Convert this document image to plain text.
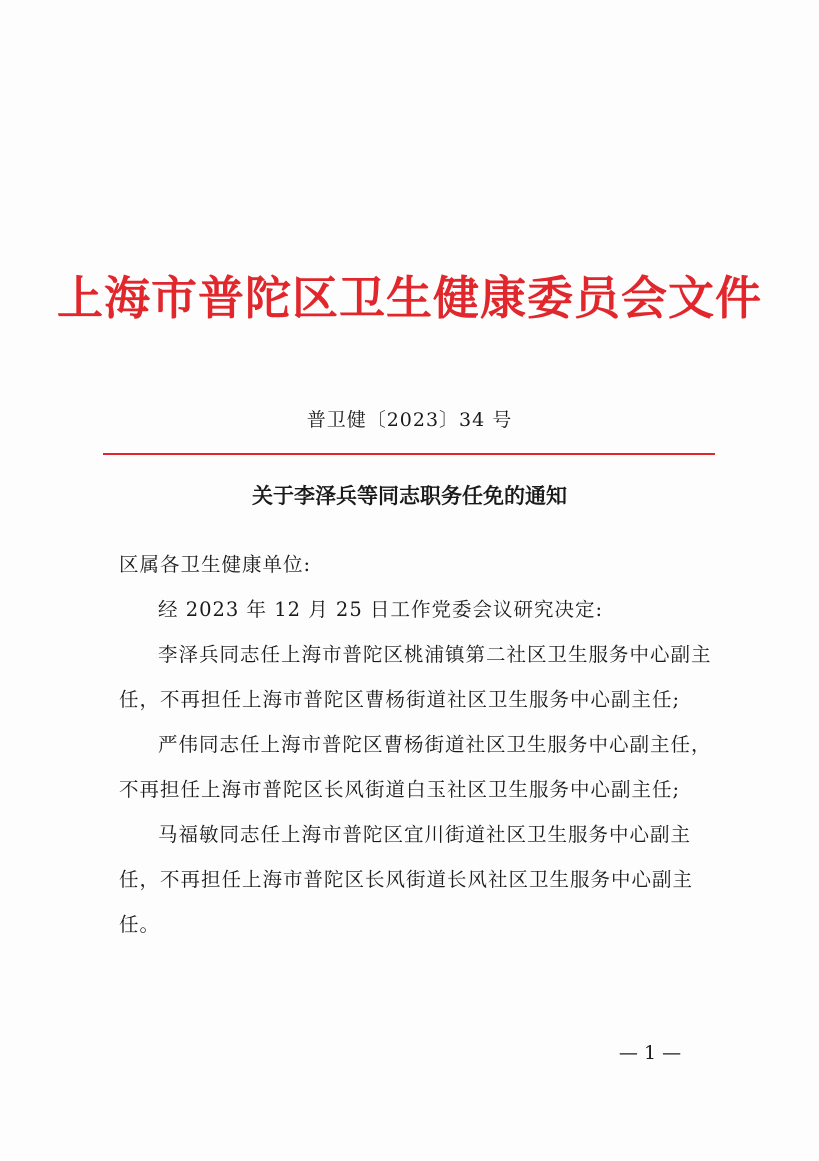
上海市普陀区卫生健康委员会文件
普卫健〔2023〕34 号
关于李泽兵等同志职务任免的通知

区属各卫生健康单位:

经 2023 年 12 月 25 日工作党委会议研究决定:

李泽兵同志任上海市普陀区桃浦镇第二社区卫生服务中心副主任，不再担任上海市普陀区曹杨街道社区卫生服务中心副主任;

严伟同志任上海市普陀区曹杨街道社区卫生服务中心副主任，不再担任上海市普陀区长风街道白玉社区卫生服务中心副主任;

马福敏同志任上海市普陀区宜川街道社区卫生服务中心副主任，不再担任上海市普陀区长风街道长风社区卫生服务中心副主任。

— 1 —
